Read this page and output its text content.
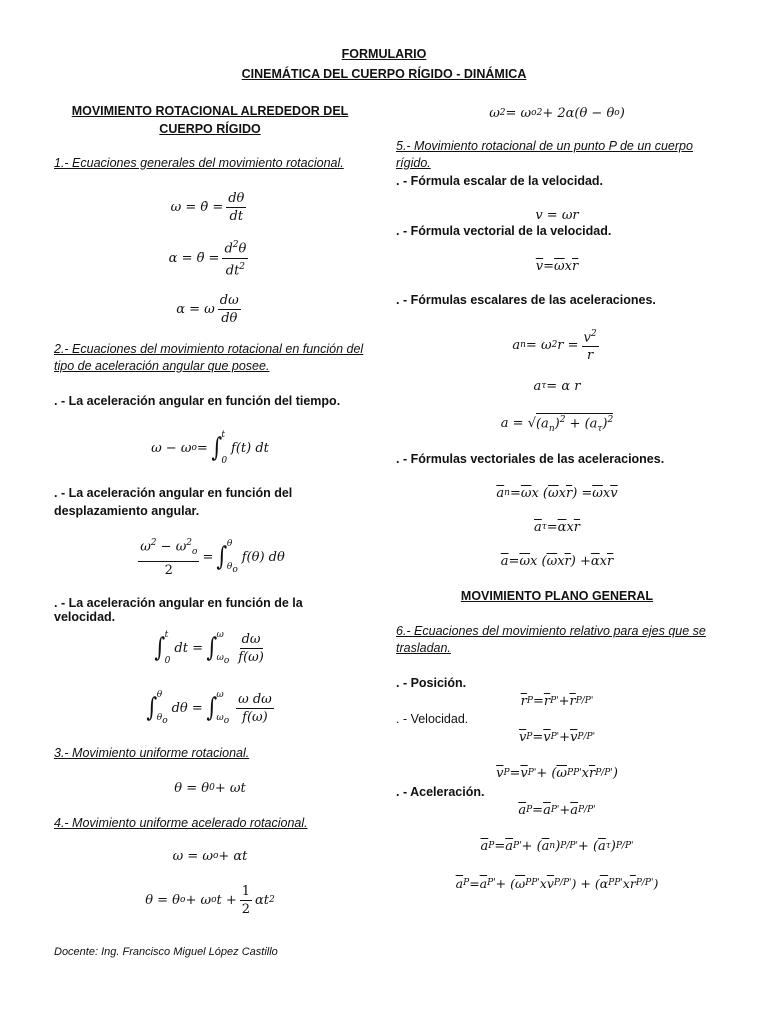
FORMULARIO
CINEMÁTICA DEL CUERPO RÍGIDO - DINÁMICA
MOVIMIENTO ROTACIONAL ALREDEDOR DEL
CUERPO RÍGIDO
1.- Ecuaciones generales del movimiento rotacional.
ω = θ̇ = $\frac{d\theta}{dt}$
α = θ̈ = $\frac{d^2\theta}{dt^2}$
α = ω $\frac{d\omega}{d\theta}$
2.- Ecuaciones del movimiento rotacional en función del tipo de aceleración angular que posee.
. - La aceleración angular en función del tiempo.
ω − ω o = ∫ t
0
f(t) dt
. - La aceleración angular en función del desplazamiento angular.
$\frac{\omega^2 - \omega^2_o}{2}$ = ∫ θ
$\theta_o$
f(θ) dθ
. - La aceleración angular en función de la velocidad.
∫ t
0
dt = ∫ ω
$\omega_o \frac{d\omega}{f(\omega)}$
∫ θ
$\theta_o$
dθ = ∫ ω
$\omega_o \frac{\text{ω dω}}{f(\omega)}$
3.- Movimiento uniforme rotacional.
θ = θ 0 + ωt
4.- Movimiento uniforme acelerado rotacional.
ω = ω o + αt
θ = θ o + ω o $t + \frac{1}{2}$ αt 2
Docente: Ing. Francisco Miguel López Castillo
ω 2 = ω o 2 + 2α(θ − θ o )
5.- Movimiento rotacional de un punto P de un cuerpo rígido.
. - Fórmula escalar de la velocidad.
v = ωr
. - Fórmula vectorial de la velocidad.
$\overline{v} = \overline{\omega}$ x $\overline{r}$
. - Fórmulas escalares de las aceleraciones.
a n = ω 2 $r = \frac{v^2}{r}$
a τ = α r
a = √ $(a_n)^2 + (a_\tau)^2$
. - Fórmulas vectoriales de las aceleraciones.
$\overline{a}$ $n = \overline{\omega}$ x ( $\overline{\omega}$ x $\overline{r}$ ) = $\overline{\omega}$ x $\overline{v}$
$\overline{a}$ $\tau = \overline{\alpha}$ x $\overline{r}$
$\overline{a} = \overline{\omega}$ x ( $\overline{\omega}$ x $\overline{r}$ ) + $\overline{\alpha}$ x $\overline{r}$
MOVIMIENTO PLANO GENERAL
6.- Ecuaciones del movimiento relativo para ejes que se trasladan.
. - Posición.
$\overline{r}$ $P = \overline{r}$ $P' + \overline{r}$ P/P'
. - Velocidad.
$\overline{v}$ $P = \overline{v}$ $P' + \overline{v}$ P/P'
$\overline{v}$ $P = \overline{v}$ P' + ( $\overline{\omega}$ PP' x $\overline{r}$ P/P' )
. - Aceleración.
$\overline{a}$ $P = \overline{a}$ $P' + \overline{a}$ P/P'
$\overline{a}$ $P = \overline{a}$ P' + ( $\overline{a}$ n ) P/P' + ( $\overline{a}$ τ ) P/P'
$\overline{a}$ $P = \overline{a}$ P' + ( $\overline{\omega}$ PP' x $\overline{v}$ P/P' ) + ( $\overline{\alpha}$ PP' x $\overline{r}$ P/P' )
